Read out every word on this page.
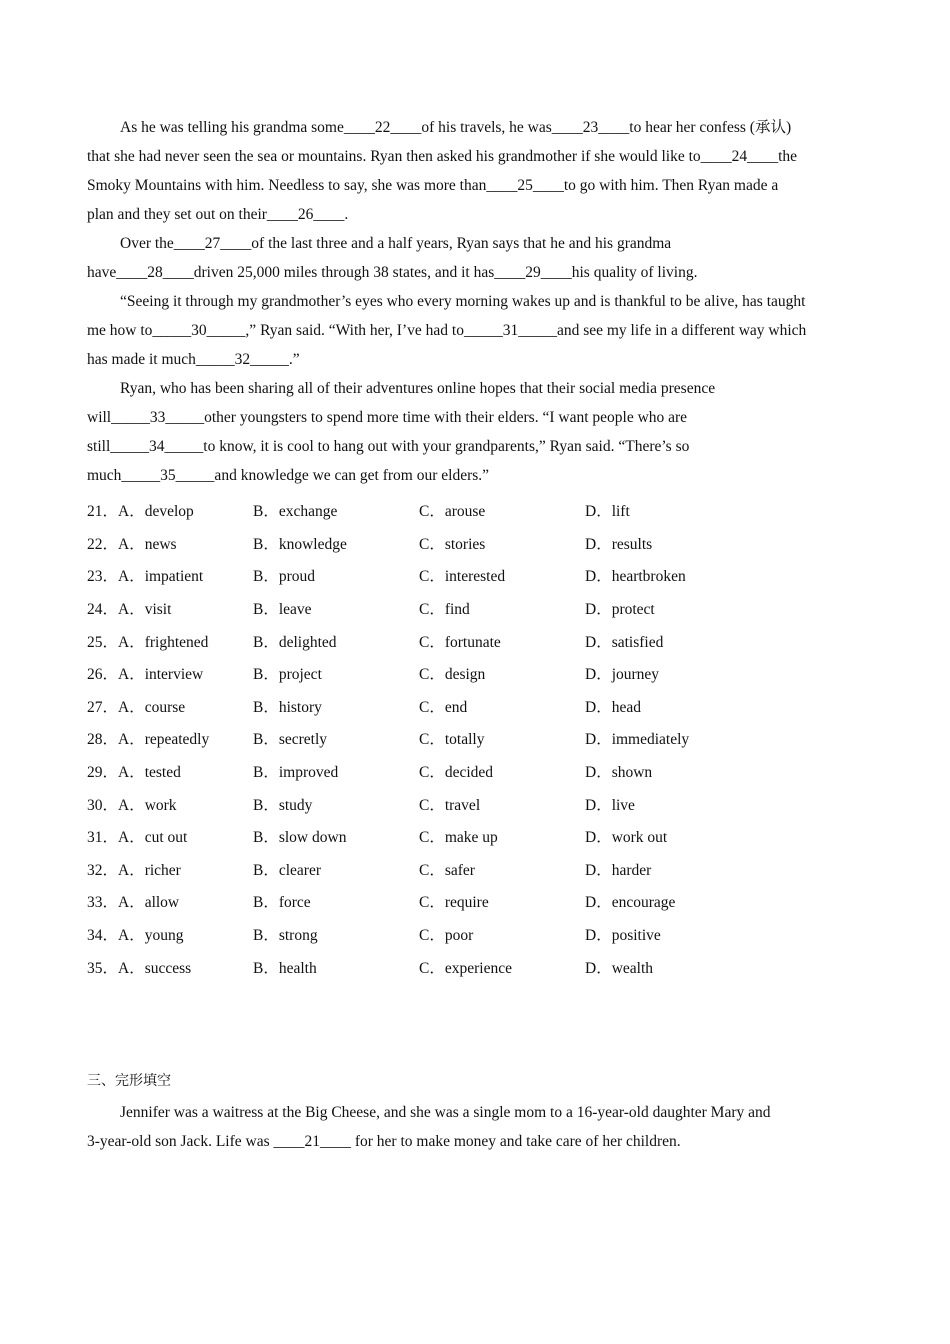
As he was telling his grandma some____22____of his travels, he was____23____to hear her confess (承认)
that she had never seen the sea or mountains. Ryan then asked his grandmother if she would like to____24____the
Smoky Mountains with him. Needless to say, she was more than____25____to go with him. Then Ryan made a
plan and they set out on their____26____.

Over the____27____of the last three and a half years, Ryan says that he and his grandma
have____28____driven 25,000 miles through 38 states, and it has____29____his quality of living.

“Seeing it through my grandmother’s eyes who every morning wakes up and is thankful to be alive, has taught
me how to_____30_____,” Ryan said. “With her, I’ve had to_____31_____and see my life in a different way which
has made it much_____32_____.”

Ryan, who has been sharing all of their adventures online hopes that their social media presence
will_____33_____other youngsters to spend more time with their elders. “I want people who are
still_____34_____to know, it is cool to hang out with your grandparents,” Ryan said. “There’s so
much_____35_____and knowledge we can get from our elders.”

21．A．develop	B．exchange	C．arouse	D．lift
22．A．news	B．knowledge	C．stories	D．results
23．A．impatient	B．proud	C．interested	D．heartbroken
24．A．visit	B．leave	C．find	D．protect
25．A．frightened	B．delighted	C．fortunate	D．satisfied
26．A．interview	B．project	C．design	D．journey
27．A．course	B．history	C．end	D．head
28．A．repeatedly	B．secretly	C．totally	D．immediately
29．A．tested	B．improved	C．decided	D．shown
30．A．work	B．study	C．travel	D．live
31．A．cut out	B．slow down	C．make up	D．work out
32．A．richer	B．clearer	C．safer	D．harder
33．A．allow	B．force	C．require	D．encourage
34．A．young	B．strong	C．poor	D．positive
35．A．success	B．health	C．experience	D．wealth
三、完形填空

Jennifer was a waitress at the Big Cheese, and she was a single mom to a 16-year-old daughter Mary and
3-year-old son Jack. Life was ____21____ for her to make money and take care of her children.
